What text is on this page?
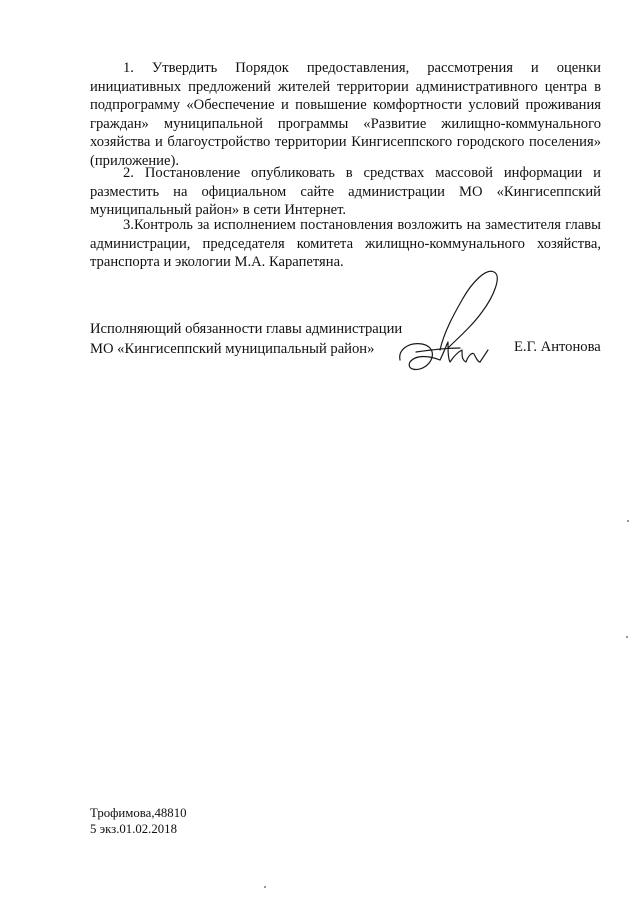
1. Утвердить Порядок предоставления, рассмотрения и оценки инициативных предложений жителей территории административного центра в подпрограмму «Обеспечение и повышение комфортности условий проживания граждан» муниципальной программы «Развитие жилищно-коммунального хозяйства и благоустройство территории Кингисеппского городского поселения» (приложение).

2. Постановление опубликовать в средствах массовой информации и разместить на официальном сайте администрации МО «Кингисеппский муниципальный район» в сети Интернет.

3.Контроль за исполнением постановления возложить на заместителя главы администрации, председателя комитета жилищно-коммунального хозяйства, транспорта и экологии М.А. Карапетяна.

Исполняющий обязанности главы администрации
МО «Кингисеппский муниципальный район»	Е.Г. Антонова
Трофимова,48810
5 экз.01.02.2018
